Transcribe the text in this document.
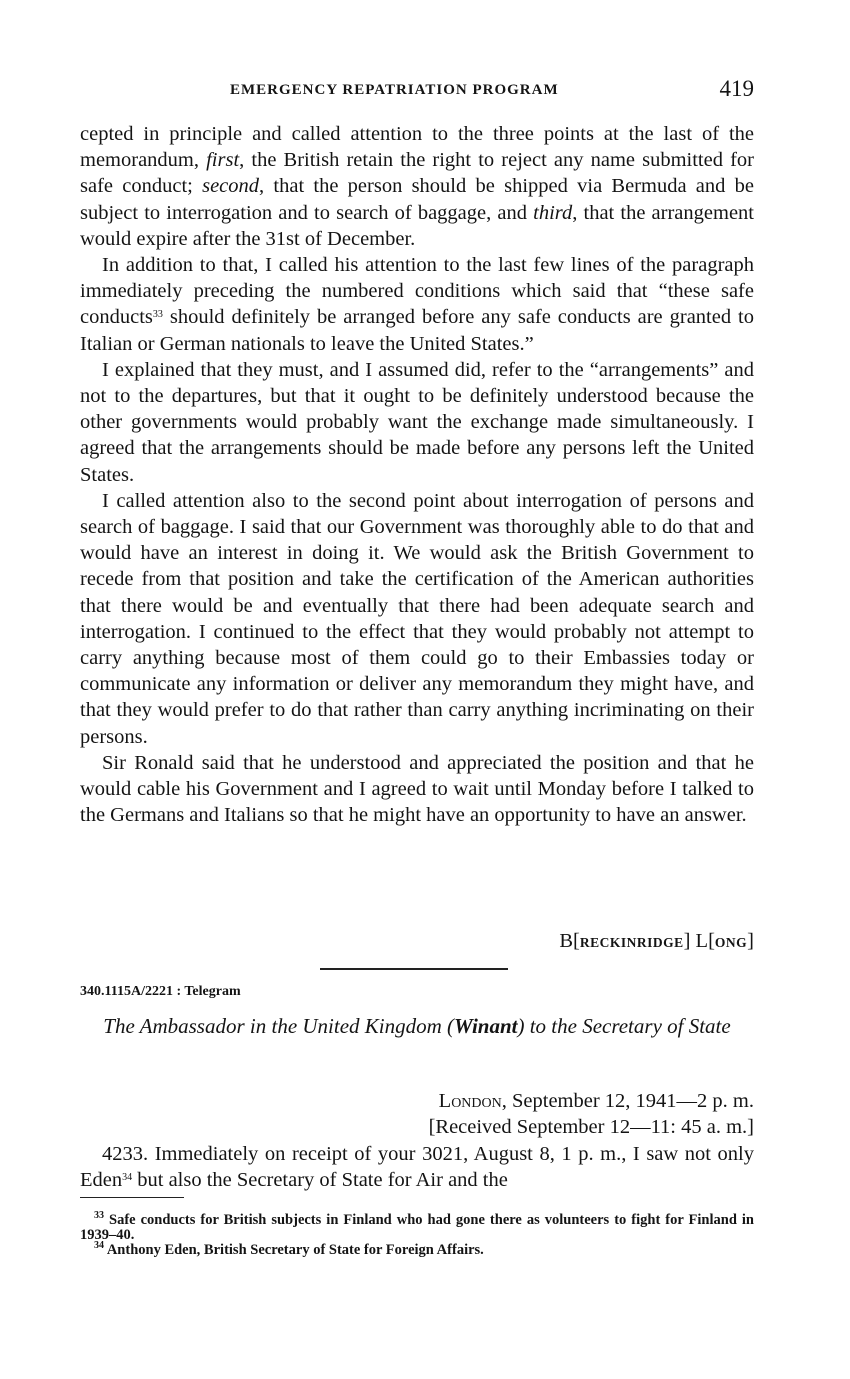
EMERGENCY REPATRIATION PROGRAM	419

cepted in principle and called attention to the three points at the last of the memorandum, first, the British retain the right to reject any name submitted for safe conduct; second, that the person should be shipped via Bermuda and be subject to interrogation and to search of baggage, and third, that the arrangement would expire after the 31st of December.

In addition to that, I called his attention to the last few lines of the paragraph immediately preceding the numbered conditions which said that “these safe conducts$^{33}$ should definitely be arranged before any safe conducts are granted to Italian or German nationals to leave the United States.”

I explained that they must, and I assumed did, refer to the “arrangements” and not to the departures, but that it ought to be definitely understood because the other governments would probably want the exchange made simultaneously. I agreed that the arrangements should be made before any persons left the United States.

I called attention also to the second point about interrogation of persons and search of baggage. I said that our Government was thoroughly able to do that and would have an interest in doing it. We would ask the British Government to recede from that position and take the certification of the American authorities that there would be and eventually that there had been adequate search and interrogation. I continued to the effect that they would probably not attempt to carry anything because most of them could go to their Embassies today or communicate any information or deliver any memorandum they might have, and that they would prefer to do that rather than carry anything incriminating on their persons.

Sir Ronald said that he understood and appreciated the position and that he would cable his Government and I agreed to wait until Monday before I talked to the Germans and Italians so that he might have an opportunity to have an answer.

B[RECKINRIDGE] L[ONG]
340.1115A/2221 : Telegram
The Ambassador in the United Kingdom (Winant) to the Secretary of State
London, September 12, 1941—2 p. m.
[Received September 12—11: 45 a. m.]

4233. Immediately on receipt of your 3021, August 8, 1 p. m., I saw not only Eden$^{34}$ but also the Secretary of State for Air and the

$^{33}$ Safe conducts for British subjects in Finland who had gone there as volunteers to fight for Finland in 1939–40.

$^{34}$ Anthony Eden, British Secretary of State for Foreign Affairs.
